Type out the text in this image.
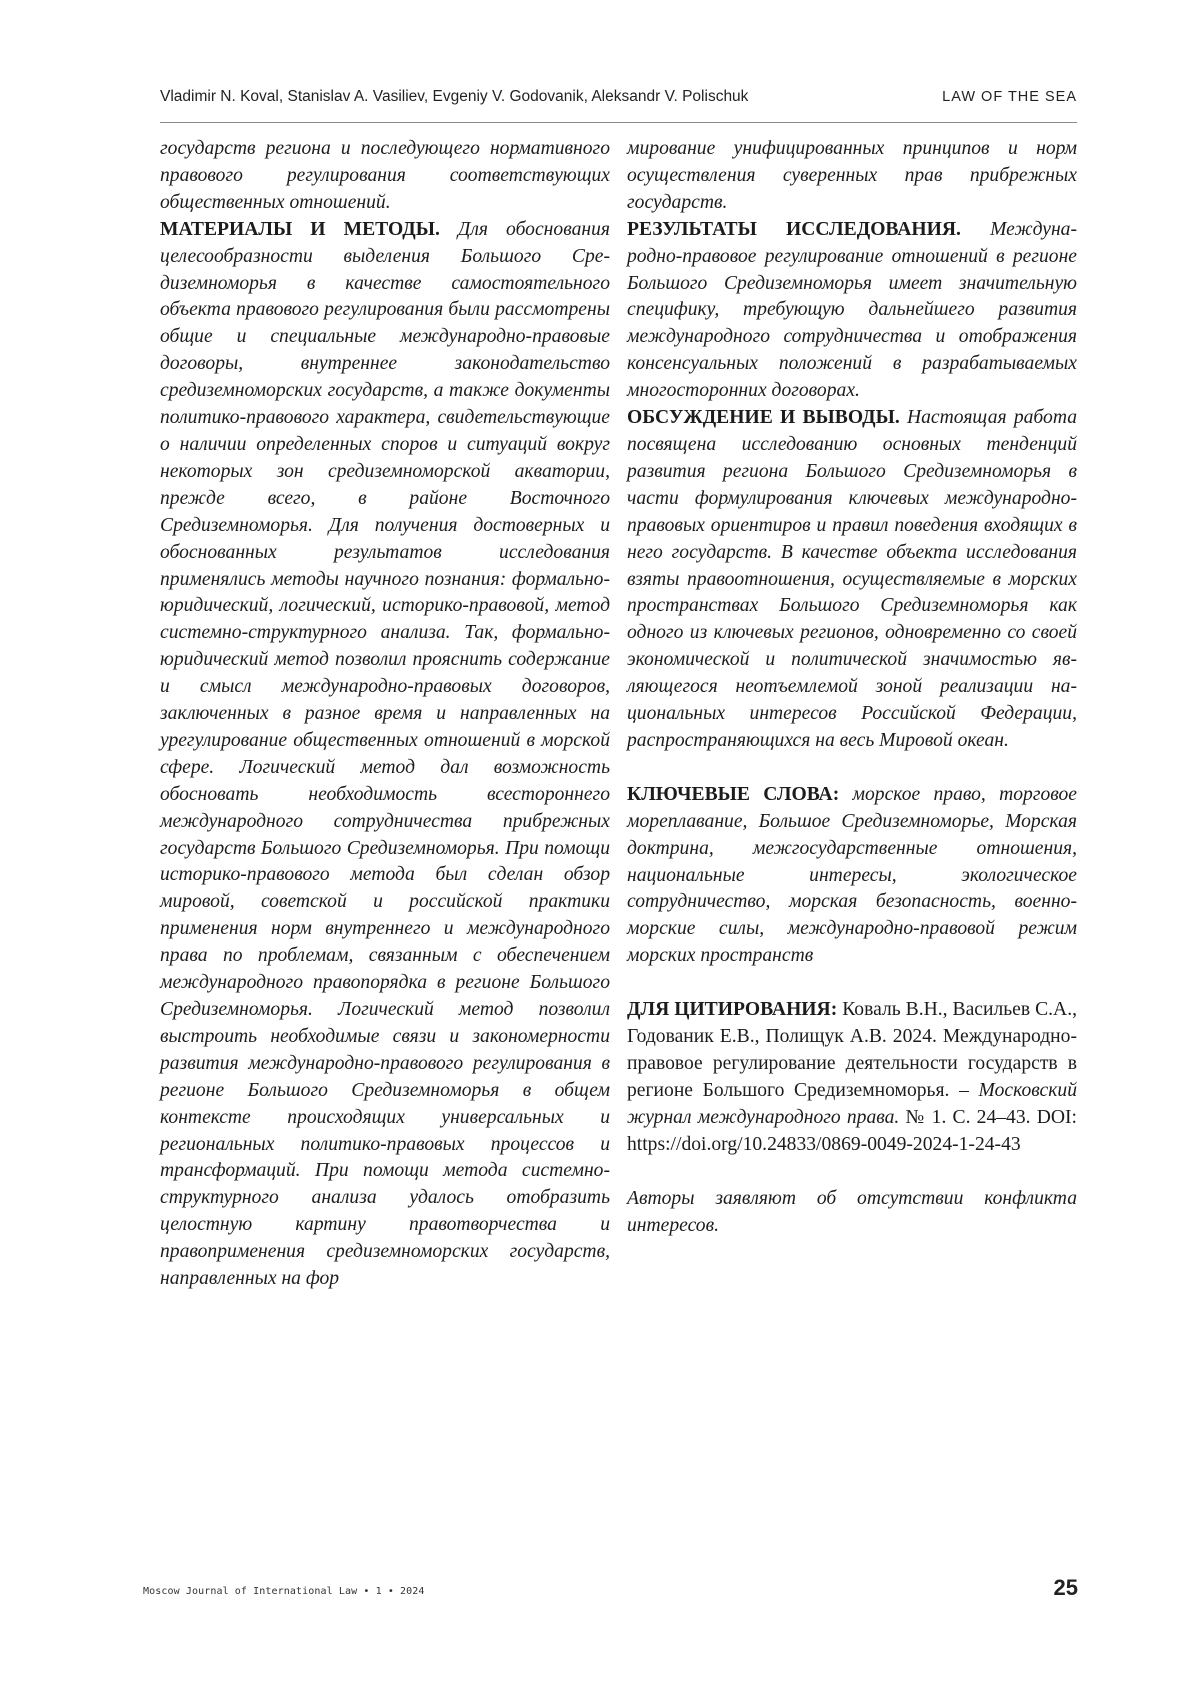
Vladimir N. Koval, Stanislav A. Vasiliev, Evgeniy V. Godovanik, Aleksandr V. Polischuk	LAW OF THE SEA

государств региона и последующего нормативного правового регулирования соответствующих общественных отношений.

МАТЕРИАЛЫ И МЕТОДЫ. Для обоснования целесообразности выделения Большого Средиземноморья в качестве самостоятельного объекта правового регулирования были рассмотрены общие и специальные международно-правовые договоры, внутреннее законодательство средиземноморских государств, а также документы политико-правового характера, свидетельствующие о наличии определенных споров и ситуаций вокруг некоторых зон средиземноморской акватории, прежде всего, в районе Восточного Средиземноморья. Для получения достоверных и обоснованных результатов исследования применялись методы научного познания: формально-юридический, логический, историко-правовой, метод системно-структурного анализа. Так, формально-юридический метод позволил прояснить содержание и смысл международно-правовых договоров, заключенных в разное время и направленных на урегулирование общественных отношений в морской сфере. Логический метод дал возможность обосновать необходимость всестороннего международного сотрудничества прибрежных государств Большого Средиземноморья. При помощи историко-правового метода был сделан обзор мировой, советской и российской практики применения норм внутреннего и международного права по проблемам, связанным с обеспечением международного правопорядка в регионе Большого Средиземноморья. Логический метод позволил выстроить необходимые связи и закономерности развития международно-правового регулирования в регионе Большого Средиземноморья в общем контексте происходящих универсальных и региональных политико-правовых процессов и трансформаций. При помощи метода системно-структурного анализа удалось отобразить целостную картину правотворчества и правоприменения средиземноморских государств, направленных на фор

мирование унифицированных принципов и норм осуществления суверенных прав прибрежных государств.

РЕЗУЛЬТАТЫ ИССЛЕДОВАНИЯ. Международно-правовое регулирование отношений в регионе Большого Средиземноморья имеет значительную специфику, требующую дальнейшего развития международного сотрудничества и отображения консенсуальных положений в разрабатываемых многосторонних договорах.

ОБСУЖДЕНИЕ И ВЫВОДЫ. Настоящая работа посвящена исследованию основных тенденций развития региона Большого Средиземноморья в части формулирования ключевых международно-правовых ориентиров и правил поведения входящих в него государств. В качестве объекта исследования взяты правоотношения, осуществляемые в морских пространствах Большого Средиземноморья как одного из ключевых регионов, одновременно со своей экономической и политической значимостью являющегося неотъемлемой зоной реализации национальных интересов Российской Федерации, распространяющихся на весь Мировой океан.

КЛЮЧЕВЫЕ СЛОВА: морское право, торговое мореплавание, Большое Средиземноморье, Морская доктрина, межгосударственные отношения, национальные интересы, экологическое сотрудничество, морская безопасность, военно-морские силы, международно-правовой режим морских пространств

ДЛЯ ЦИТИРОВАНИЯ: Коваль В.Н., Васильев С.А., Годованик Е.В., Полищук А.В. 2024. Международно-правовое регулирование деятельности государств в регионе Большого Средиземноморья. – Московский журнал международного права. № 1. С. 24–43. DOI: https://doi.org/10.24833/0869-0049-2024-1-24-43

Авторы заявляют об отсутствии конфликта интересов.

Moscow Journal of International Law • 1 • 2024	25
